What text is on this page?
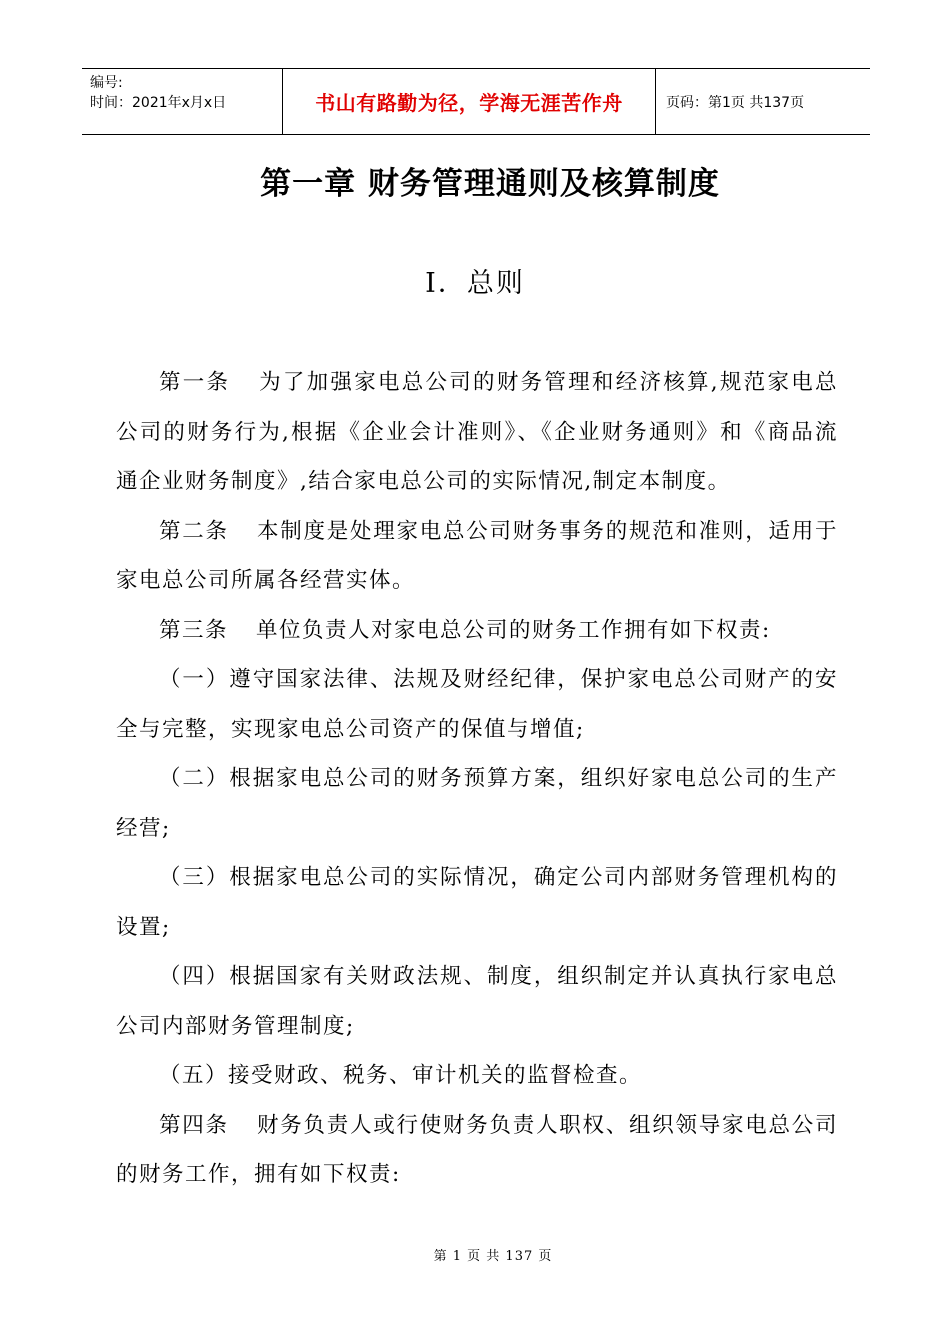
编号:
时间：2021年x月x日	书山有路勤为径，学海无涯苦作舟	页码：第1页 共137页
第一章 财务管理通则及核算制度
I．总则

第一条 为了加强家电总公司的财务管理和经济核算,规范家电总公司的财务行为,根据《企业会计准则》、《企业财务通则》和《商品流通企业财务制度》,结合家电总公司的实际情况,制定本制度。

第二条 本制度是处理家电总公司财务事务的规范和准则，适用于家电总公司所属各经营实体。

第三条 单位负责人对家电总公司的财务工作拥有如下权责:

（一）遵守国家法律、法规及财经纪律，保护家电总公司财产的安全与完整，实现家电总公司资产的保值与增值;

（二）根据家电总公司的财务预算方案，组织好家电总公司的生产经营;

（三）根据家电总公司的实际情况，确定公司内部财务管理机构的设置;

（四）根据国家有关财政法规、制度，组织制定并认真执行家电总公司内部财务管理制度;

（五）接受财政、税务、审计机关的监督检查。

第四条 财务负责人或行使财务负责人职权、组织领导家电总公司的财务工作，拥有如下权责:

第 1 页 共 137 页
